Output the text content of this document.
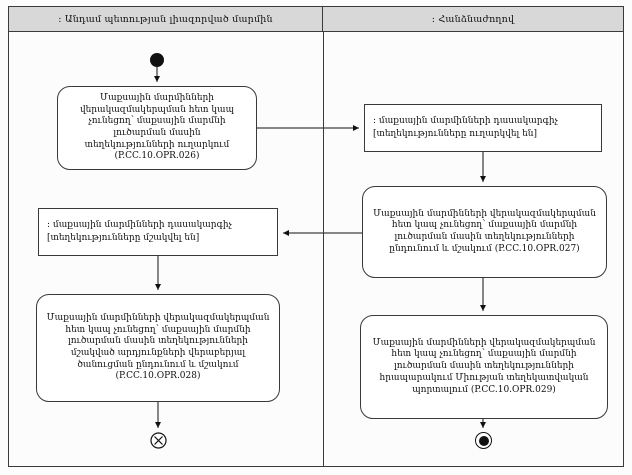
: Անդամ պետության լիազորված մարմին	: Հանձնաժողով
Մաքսային մարմինների վերակազմակերպման հետ կապ չունեցող՝ մաքսային մարմնի լուծարման մասին տեղեկությունների ուղարկում (P.CC.10.OPR.026)
: մաքսային մարմինների դասակարգիչ
[տեղեկությունները ուղարկվել են]
Մաքսային մարմինների վերակազմակերպման հետ կապ չունեցող՝ մաքսային մարմնի լուծարման մասին տեղեկությունների ընդունում և մշակում (P.CC.10.OPR.027)
: մաքսային մարմինների դասակարգիչ
[տեղեկությունները մշակվել են]
Մաքսային մարմինների վերակազմակերպման հետ կապ չունեցող՝ մաքսային մարմնի լուծարման մասին տեղեկությունների մշակված արդյունքների վերաբերյալ ծանուցման ընդունում և մշակում (P.CC.10.OPR.028)
Մաքսային մարմինների վերակազմակերպման հետ կապ չունեցող՝ մաքսային մարմնի լուծարման մասին տեղեկությունների հրապարակում Միության տեղեկատվական պորտալում (P.CC.10.OPR.029)
